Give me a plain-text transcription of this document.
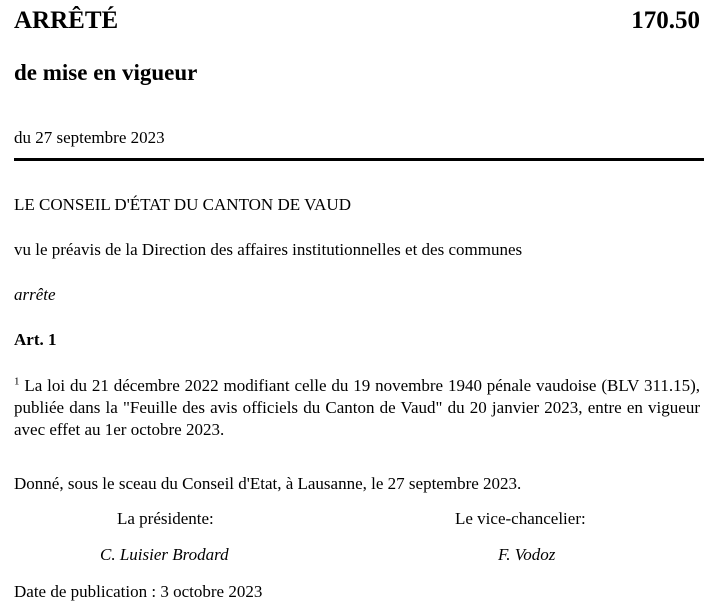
ARRÊTÉ	170.50
de mise en vigueur
du 27 septembre 2023
LE CONSEIL D'ÉTAT DU CANTON DE VAUD
vu le préavis de la Direction des affaires institutionnelles et des communes
arrête
Art. 1
$^1$ La loi du 21 décembre 2022 modifiant celle du 19 novembre 1940 pénale vaudoise (BLV 311.15), publiée dans la "Feuille des avis officiels du Canton de Vaud" du 20 janvier 2023, entre en vigueur avec effet au 1er octobre 2023.
Donné, sous le sceau du Conseil d'Etat, à Lausanne, le 27 septembre 2023.
La présidente:
C. Luisier Brodard
Le vice-chancelier:
F. Vodoz
Date de publication : 3 octobre 2023
